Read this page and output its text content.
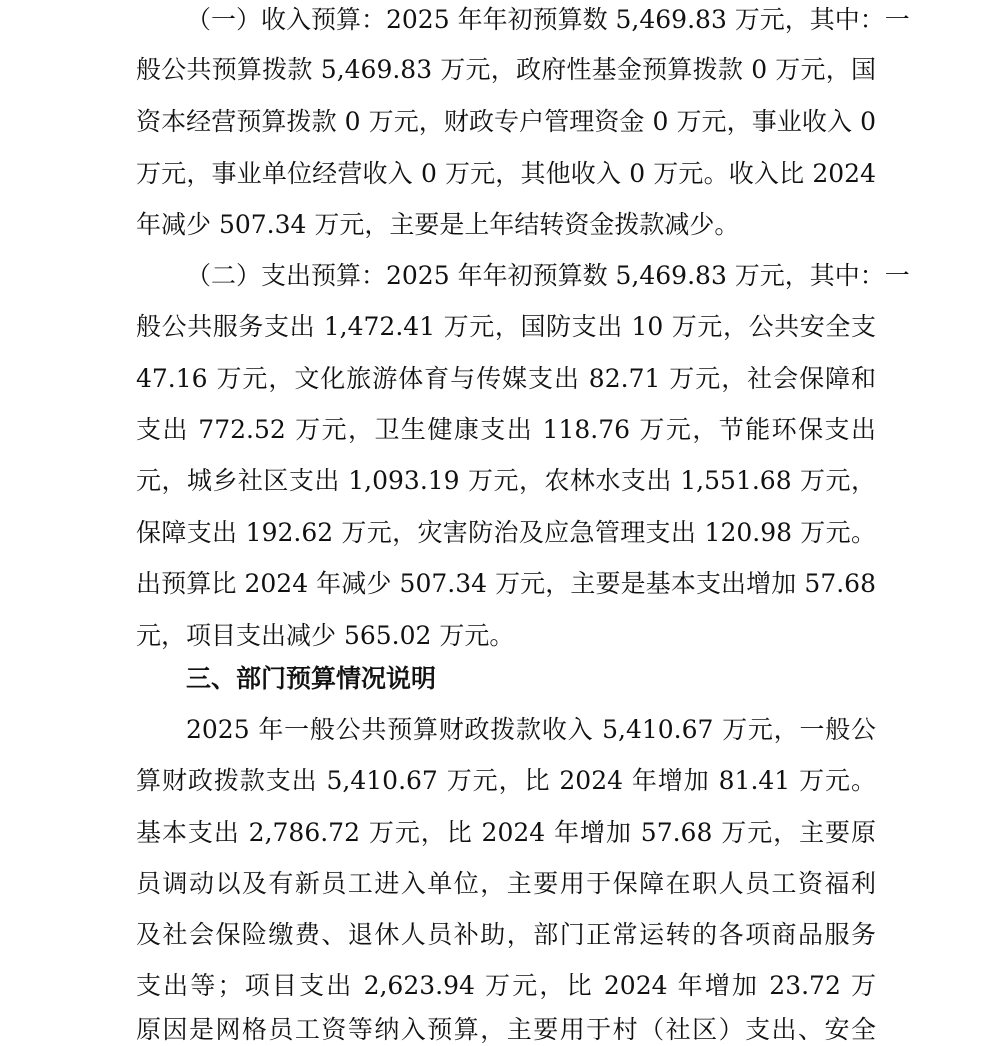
（一）收入预算：2025 年年初预算数 5,469.83 万元，其中：一

般公共预算拨款 5,469.83 万元，政府性基金预算拨款 0 万元，国

资本经营预算拨款 0 万元，财政专户管理资金 0 万元，事业收入 0

万元，事业单位经营收入 0 万元，其他收入 0 万元。收入比 2024

年减少 507.34 万元，主要是上年结转资金拨款减少。

（二）支出预算：2025 年年初预算数 5,469.83 万元，其中：一

般公共服务支出 1,472.41 万元，国防支出 10 万元，公共安全支

47.16 万元，文化旅游体育与传媒支出 82.71 万元，社会保障和

支出 772.52 万元，卫生健康支出 118.76 万元，节能环保支出

元，城乡社区支出 1,093.19 万元，农林水支出 1,551.68 万元，

保障支出 192.62 万元，灾害防治及应急管理支出 120.98 万元。

出预算比 2024 年减少 507.34 万元，主要是基本支出增加 57.68

元，项目支出减少 565.02 万元。

三、部门预算情况说明

2025 年一般公共预算财政拨款收入 5,410.67 万元，一般公

算财政拨款支出 5,410.67 万元，比 2024 年增加 81.41 万元。

基本支出 2,786.72 万元，比 2024 年增加 57.68 万元，主要原

员调动以及有新员工进入单位，主要用于保障在职人员工资福利

及社会保险缴费、退休人员补助，部门正常运转的各项商品服务

支出等；项目支出 2,623.94 万元，比 2024 年增加 23.72 万

原因是网格员工资等纳入预算，主要用于村（社区）支出、安全
